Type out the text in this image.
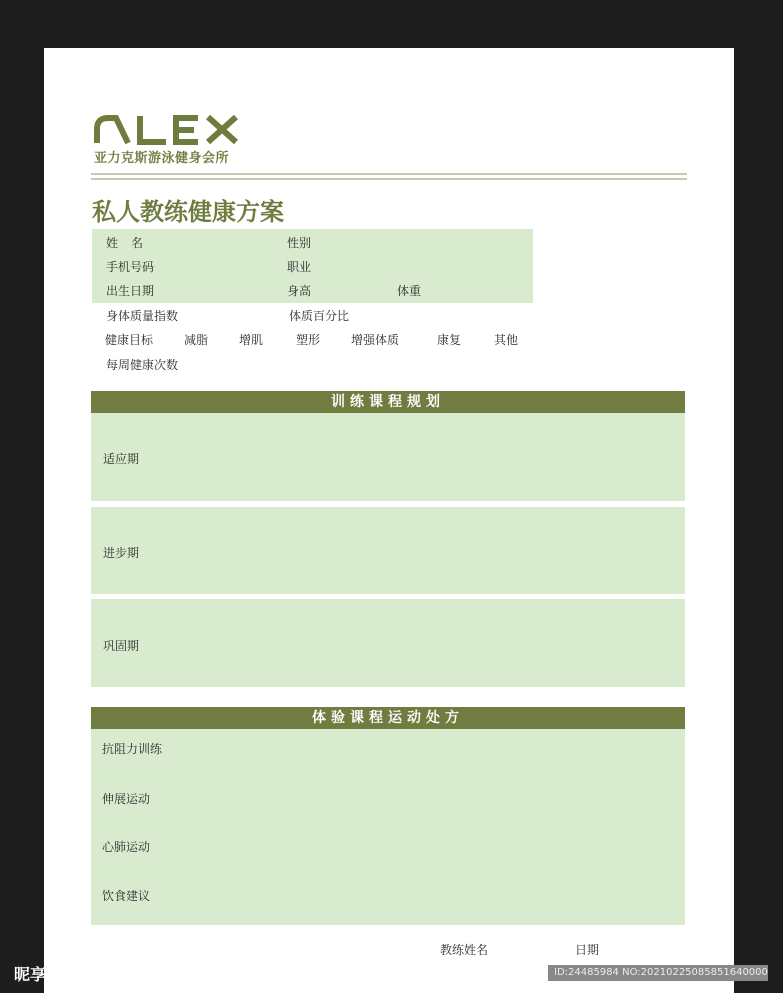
亚力克斯游泳健身会所
私人教练健康方案
姓名	性别
手机号码	职业
出生日期	身高	体重
身体质量指数	体质百分比
健康目标	减脂	增肌	塑形	增强体质	康复	其他
每周健康次数
训练课程规划
适应期
进步期
巩固期
体验课程运动处方
抗阻力训练
伸展运动
心肺运动
饮食建议
教练姓名	日期
昵享网 www.nipic.cn	ID:24485984 NO:20210225085851640000
